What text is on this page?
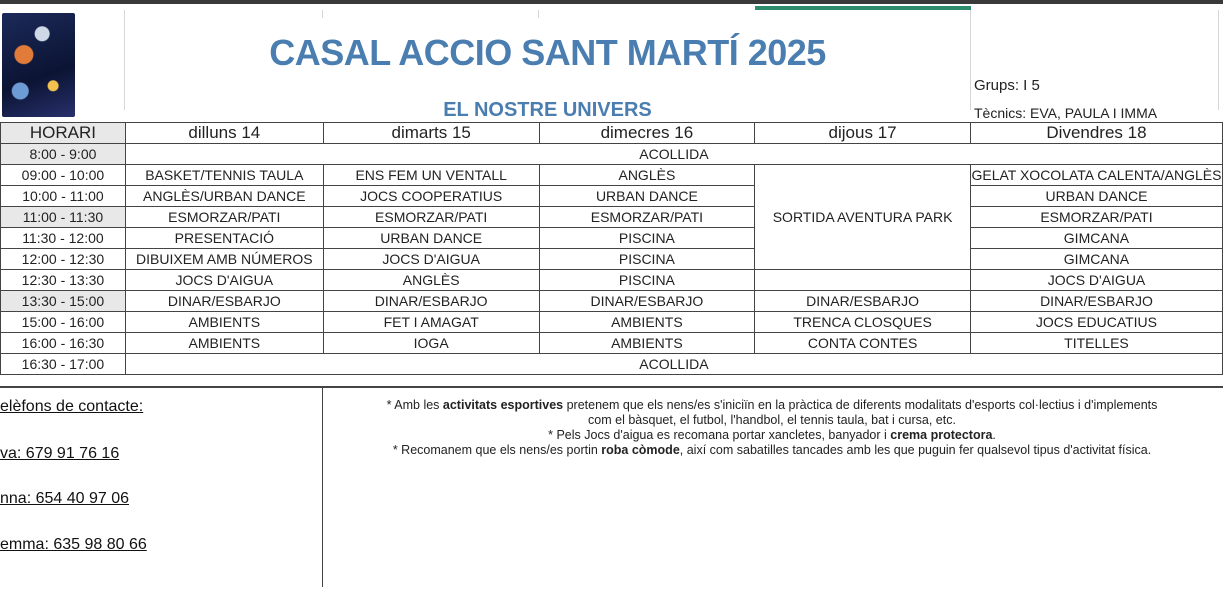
CASAL ACCIO SANT MARTÍ 2025
EL NOSTRE UNIVERS
Grups: I 5
Tècnics: EVA, PAULA I IMMA
HORARI	dilluns 14	dimarts 15	dimecres 16	dijous 17	Divendres 18
8:00 - 9:00	ACOLLIDA				
09:00 - 10:00	BASKET/TENNIS TAULA	ENS FEM UN VENTALL	ANGLÈS	SORTIDA AVENTURA PARK	GELAT XOCOLATA CALENTA/ANGLÈS
10:00 - 11:00	ANGLÈS/URBAN DANCE	JOCS COOPERATIUS	URBAN DANCE		URBAN DANCE
11:00 - 11:30	ESMORZAR/PATI	ESMORZAR/PATI	ESMORZAR/PATI		ESMORZAR/PATI
11:30 - 12:00	PRESENTACIÓ	URBAN DANCE	PISCINA		GIMCANA
12:00 - 12:30	DIBUIXEM AMB NÚMEROS	JOCS D'AIGUA	PISCINA		GIMCANA
12:30 - 13:30	JOCS D'AIGUA	ANGLÈS	PISCINA		JOCS D'AIGUA
13:30 - 15:00	DINAR/ESBARJO	DINAR/ESBARJO	DINAR/ESBARJO	DINAR/ESBARJO	DINAR/ESBARJO
15:00 - 16:00	AMBIENTS	FET I AMAGAT	AMBIENTS	TRENCA CLOSQUES	JOCS EDUCATIUS
16:00 - 16:30	AMBIENTS	IOGA	AMBIENTS	CONTA CONTES	TITELLES
16:30 - 17:00	ACOLLIDA				
elèfons de contacte:
va: 679 91 76 16
nna: 654 40 97 06
emma: 635 98 80 66

* Amb les activitats esportives pretenem que els nens/es s'iniciïn en la pràctica de diferents modalitats d'esports col·lectius i d'implements

com el bàsquet, el futbol, l'handbol, el tennis taula, bat i cursa, etc.

* Pels Jocs d'aigua es recomana portar xancletes, banyador i crema protectora.

* Recomanem que els nens/es portin roba còmode, així com sabatilles tancades amb les que puguin fer qualsevol tipus d'activitat física.
